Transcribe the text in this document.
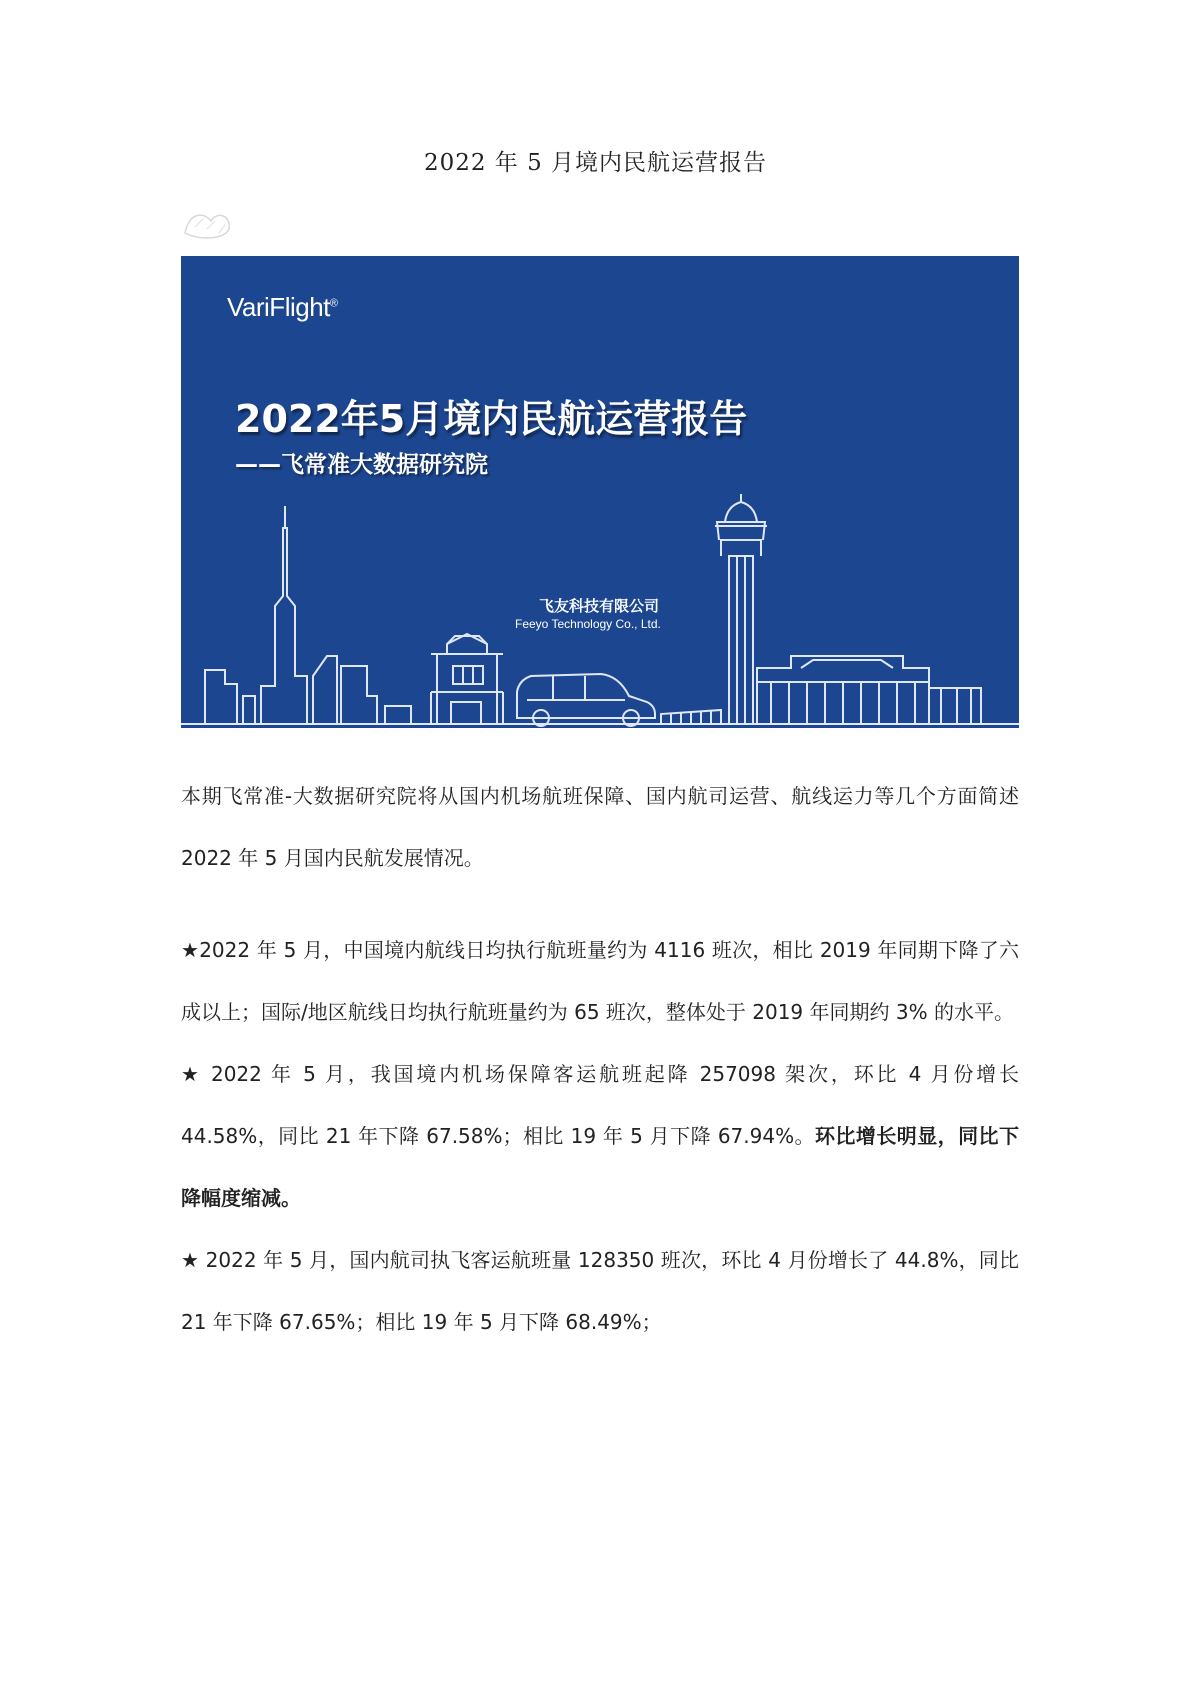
2022 年 5 月境内民航运营报告
VariFlight®
2022年5月境内民航运营报告
——飞常准大数据研究院
飞友科技有限公司
Feeyo Technology Co., Ltd.

本期飞常准-大数据研究院将从国内机场航班保障、国内航司运营、航线运力等几个方面简述 2022 年 5 月国内民航发展情况。

★2022 年 5 月，中国境内航线日均执行航班量约为 4116 班次，相比 2019 年同期下降了六成以上；国际/地区航线日均执行航班量约为 65 班次，整体处于 2019 年同期约 3% 的水平。

★ 2022 年 5 月，我国境内机场保障客运航班起降 257098 架次，环比 4 月份增长 44.58%，同比 21 年下降 67.58%；相比 19 年 5 月下降 67.94%。环比增长明显，同比下降幅度缩减。

★ 2022 年 5 月，国内航司执飞客运航班量 128350 班次，环比 4 月份增长了 44.8%，同比 21 年下降 67.65%；相比 19 年 5 月下降 68.49%；
